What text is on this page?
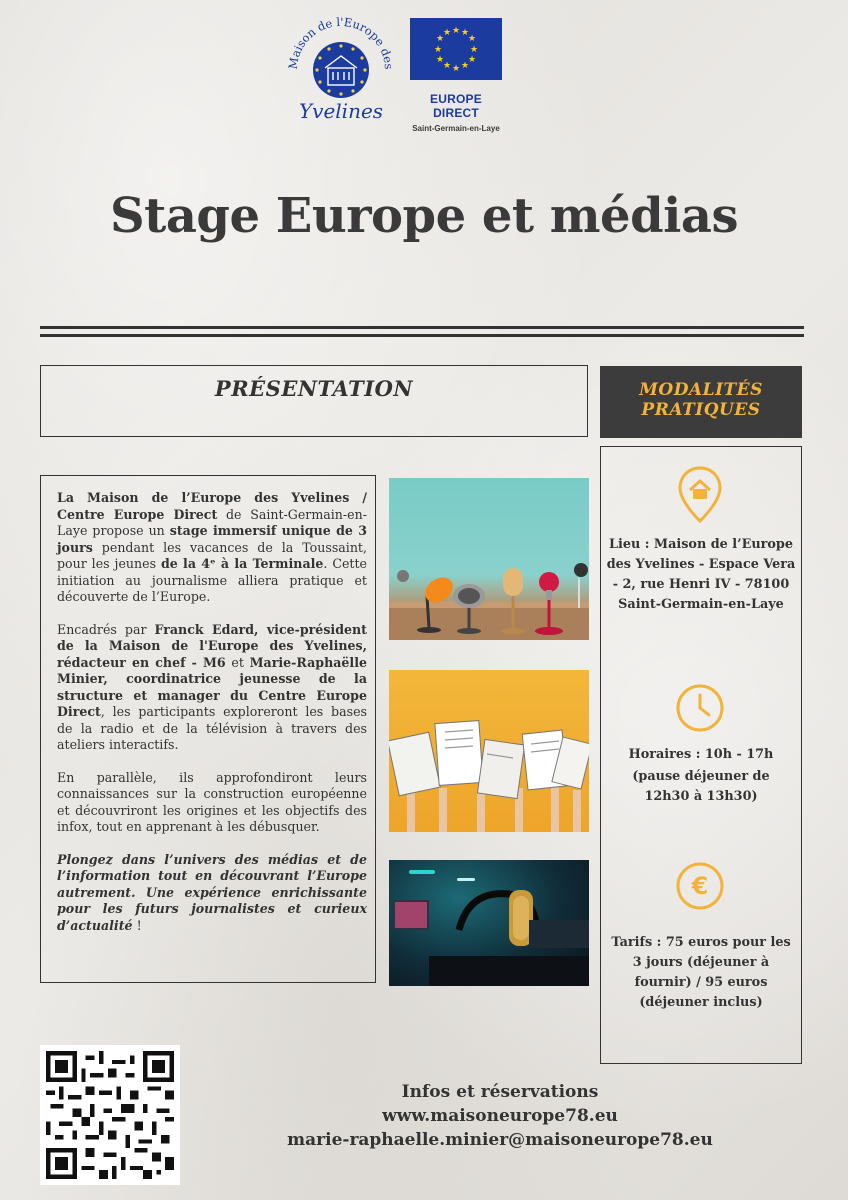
Maison de l'Europe des
Yvelines
★ ★
★
★
★
★
★
★
★
★
★
★
EUROPE DIRECT
Saint-Germain-en-Laye
Stage Europe et médias
PRÉSENTATION

La Maison de l’Europe des Yvelines / Centre Europe Direct de Saint-Germain-en-Laye propose un stage immersif unique de 3 jours pendant les vacances de la Toussaint, pour les jeunes de la 4ᵉ à la Terminale. Cette initiation au journalisme alliera pratique et découverte de l’Europe.

Encadrés par Franck Edard, vice-président de la Maison de l'Europe des Yvelines, rédacteur en chef - M6 et Marie-Raphaëlle Minier, coordinatrice jeunesse de la structure et manager du Centre Europe Direct, les participants exploreront les bases de la radio et de la télévision à travers des ateliers interactifs.

En parallèle, ils approfondiront leurs connaissances sur la construction européenne et découvriront les origines et les objectifs des infox, tout en apprenant à les débusquer.

Plongez dans l’univers des médias et de l’information tout en découvrant l’Europe autrement. Une expérience enrichissante pour les futurs journalistes et curieux d’actualité !

MODALITÉS
PRATIQUES
Lieu : Maison de l’Europe des Yvelines - Espace Vera - 2, rue Henri IV - 78100 Saint-Germain-en-Laye
Horaires : 10h - 17h
(pause déjeuner de 12h30 à 13h30)
€
Tarifs : 75 euros pour les 3 jours (déjeuner à fournir) / 95 euros (déjeuner inclus)
Infos et réservations
www.maisoneurope78.eu
marie-raphaelle.minier@maisoneurope78.eu
